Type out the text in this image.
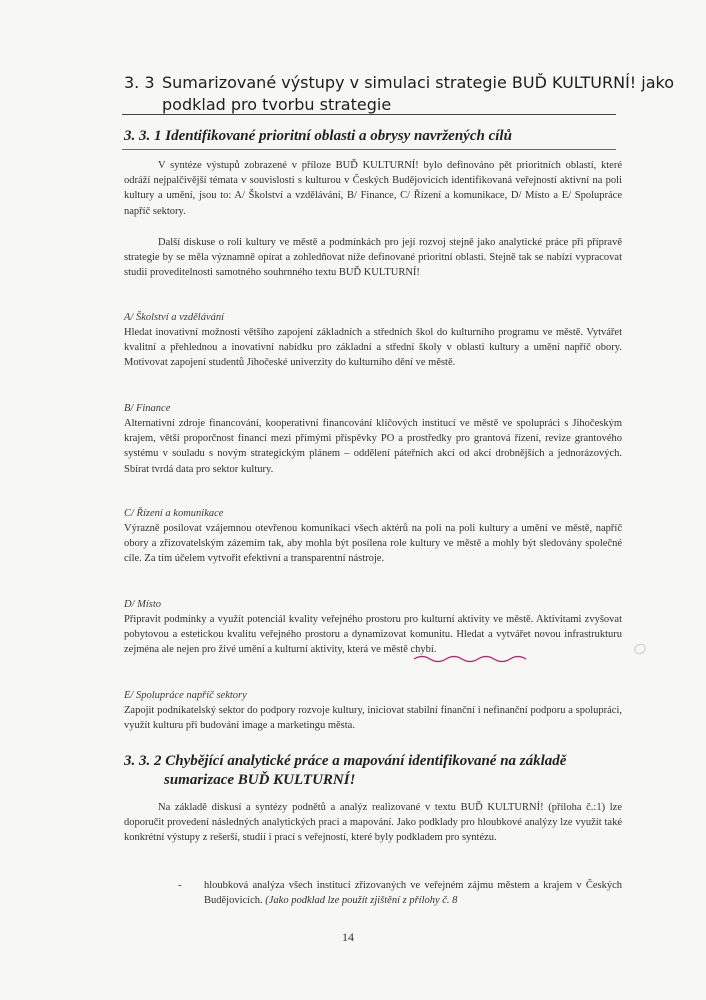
3. 3 Sumarizované výstupy v simulaci strategie BUĎ KULTURNÍ! jako
podklad pro tvorbu strategie
3. 3. 1 Identifikované prioritní oblasti a obrysy navržených cílů
V syntéze výstupů zobrazené v příloze BUĎ KULTURNÍ! bylo definováno pět prioritních oblastí, které odráží nejpalčivější témata v souvislosti s kulturou v Českých Budějovicích identifikovaná veřejností aktivní na poli kultury a umění, jsou to: A/ Školství a vzdělávání, B/ Finance, C/ Řízení a komunikace, D/ Místo a E/ Spolupráce napříč sektory.
Další diskuse o roli kultury ve městě a podmínkách pro její rozvoj stejně jako analytické práce při přípravě strategie by se měla významně opírat a zohledňovat níže definované prioritní oblasti. Stejně tak se nabízí vypracovat studii proveditelnosti samotného souhrnného textu BUĎ KULTURNÍ!
A/ Školství a vzdělávání
Hledat inovativní možnosti většího zapojení základních a středních škol do kulturního programu ve městě. Vytvářet kvalitní a přehlednou a inovativní nabídku pro základní a střední školy v oblasti kultury a umění napříč obory. Motivovat zapojení studentů Jihočeské univerzity do kulturního dění ve městě.
B/ Finance
Alternativní zdroje financování, kooperativní financování klíčových institucí ve městě ve spolupráci s Jihočeským krajem, větší proporčnost financí mezi přímými příspěvky PO a prostředky pro grantová řízení, revize grantového systému v souladu s novým strategickým plánem – oddělení páteřních akcí od akcí drobnějších a jednorázových. Sbírat tvrdá data pro sektor kultury.
C/ Řízení a komunikace
Výrazně posilovat vzájemnou otevřenou komunikaci všech aktérů na poli na poli kultury a umění ve městě, napříč obory a zřizovatelským zázemím tak, aby mohla být posílena role kultury ve městě a mohly být sledovány společné cíle. Za tím účelem vytvořit efektivní a transparentní nástroje.
D/ Místo
Připravit podmínky a využít potenciál kvality veřejného prostoru pro kulturní aktivity ve městě. Aktivitami zvyšovat pobytovou a estetickou kvalitu veřejného prostoru a dynamizovat komunitu. Hledat a vytvářet novou infrastrukturu zejména ale nejen pro živé umění a kulturní aktivity, která ve městě chybí.
E/ Spolupráce napříč sektory
Zapojit podnikatelský sektor do podpory rozvoje kultury, iniciovat stabilní finanční i nefinanční podporu a spolupráci, využít kulturu při budování image a marketingu města.
3. 3. 2 Chybějící analytické práce a mapování identifikované na základě
sumarizace BUĎ KULTURNÍ!
Na základě diskusí a syntézy podnětů a analýz realizované v textu BUĎ KULTURNÍ! (příloha č.:1) lze doporučit provedení následných analytických prací a mapování. Jako podklady pro hloubkové analýzy lze využít také konkrétní výstupy z rešerší, studií i prací s veřejností, které byly podkladem pro syntézu.
- hloubková analýza všech institucí zřizovaných ve veřejném zájmu městem a krajem v Českých Budějovicích. (Jako podklad lze použít zjištění z přílohy č. 8
14
